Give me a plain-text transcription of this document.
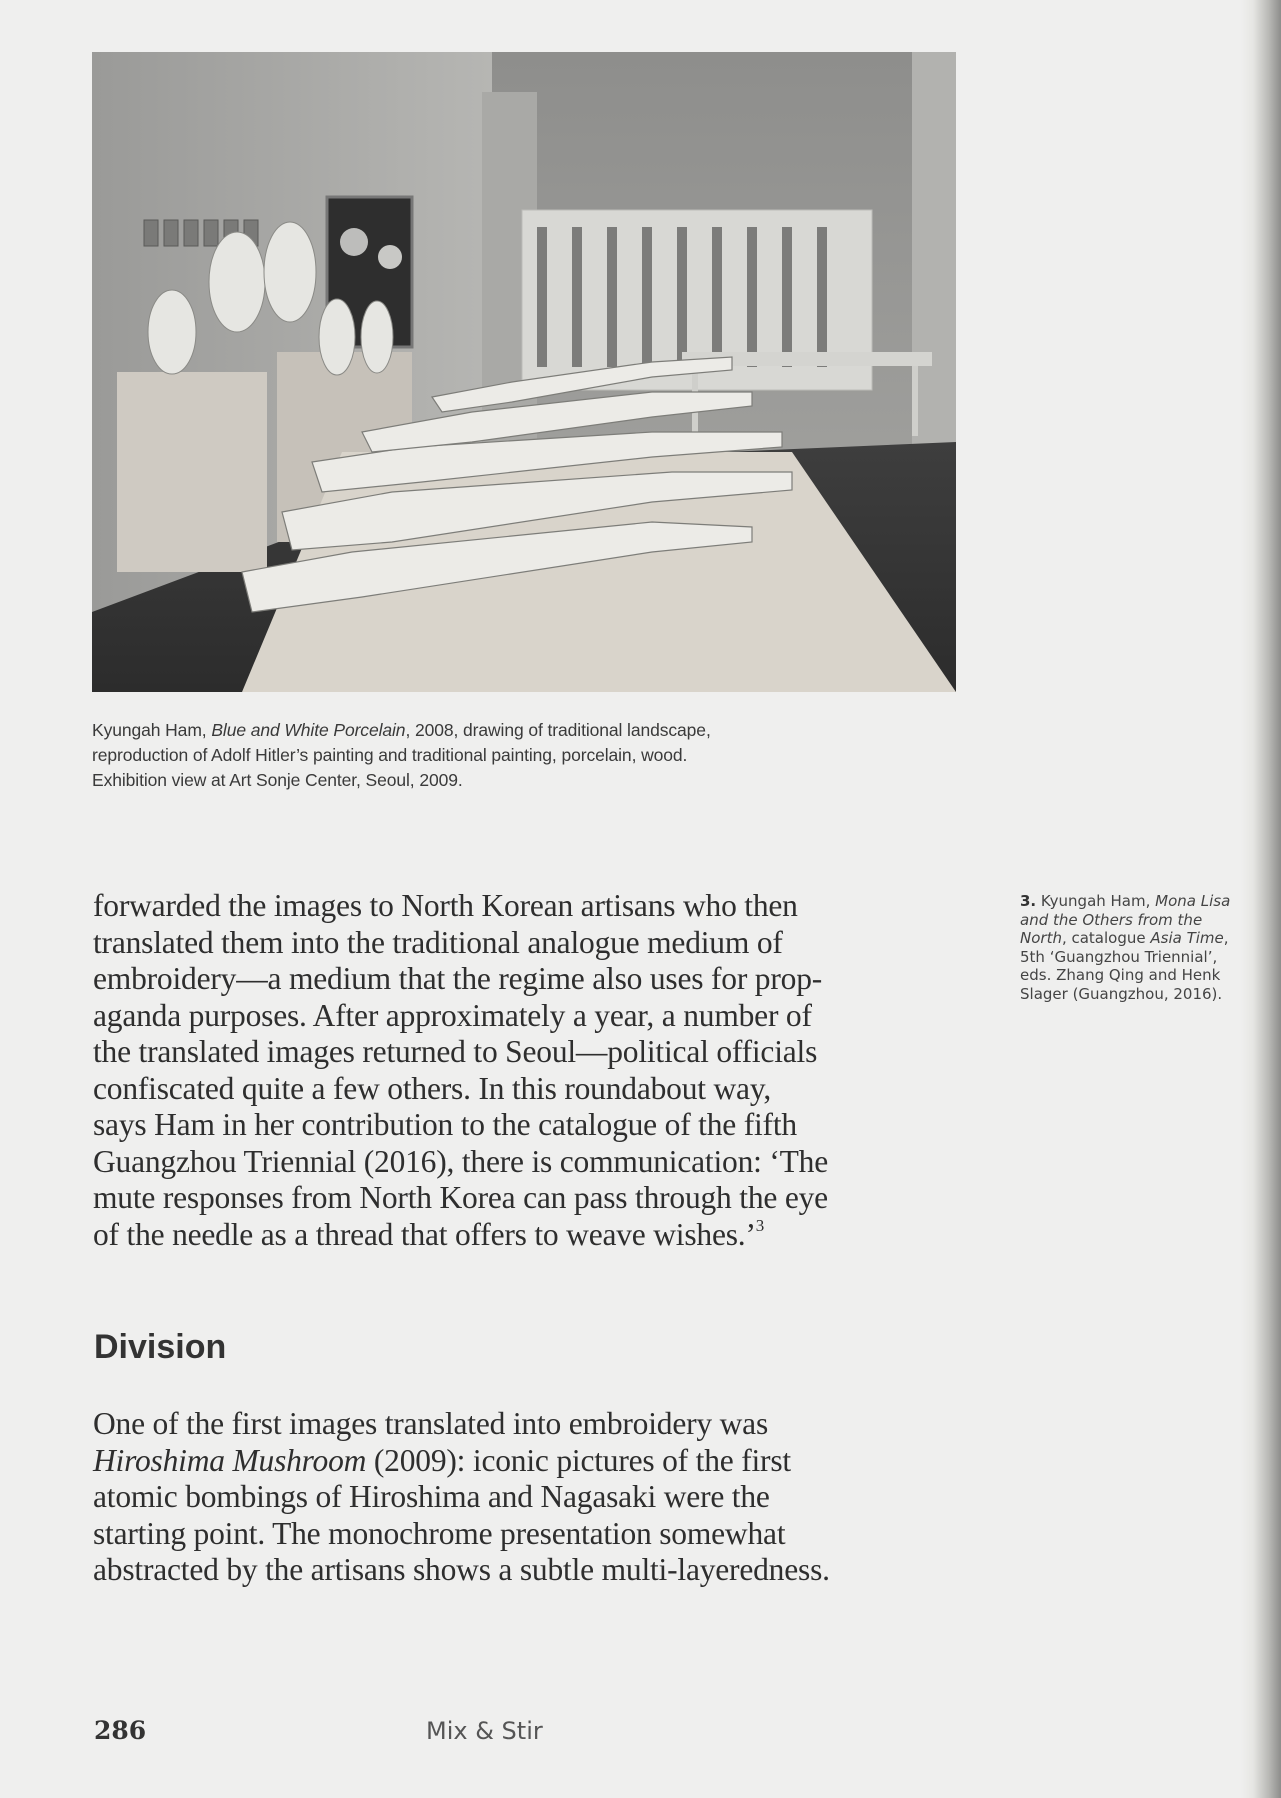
Kyungah Ham, Blue and White Porcelain, 2008, drawing of traditional landscape,
reproduction of Adolf Hitler’s painting and traditional painting, porcelain, wood.
Exhibition view at Art Sonje Center, Seoul, 2009.
forwarded the images to North Korean artisans who then
translated them into the traditional analogue medium of
embroidery—a medium that the regime also uses for prop-
aganda purposes. After approximately a year, a number of
the translated images returned to Seoul—political officials
confiscated quite a few others. In this roundabout way,
says Ham in her contribution to the catalogue of the fifth
Guangzhou Triennial (2016), there is communication: ‘The
mute responses from North Korea can pass through the eye
of the needle as a thread that offers to weave wishes.’$^3$
Division
One of the first images translated into embroidery was
Hiroshima Mushroom (2009): iconic pictures of the first
atomic bombings of Hiroshima and Nagasaki were the
starting point. The monochrome presentation somewhat
abstracted by the artisans shows a subtle multi-layeredness.
3. Kyungah Ham, Mona Lisa
and the Others from the
North, catalogue Asia Time,
5th ‘Guangzhou Triennial’,
eds. Zhang Qing and Henk
Slager (Guangzhou, 2016).
286	Mix & Stir
